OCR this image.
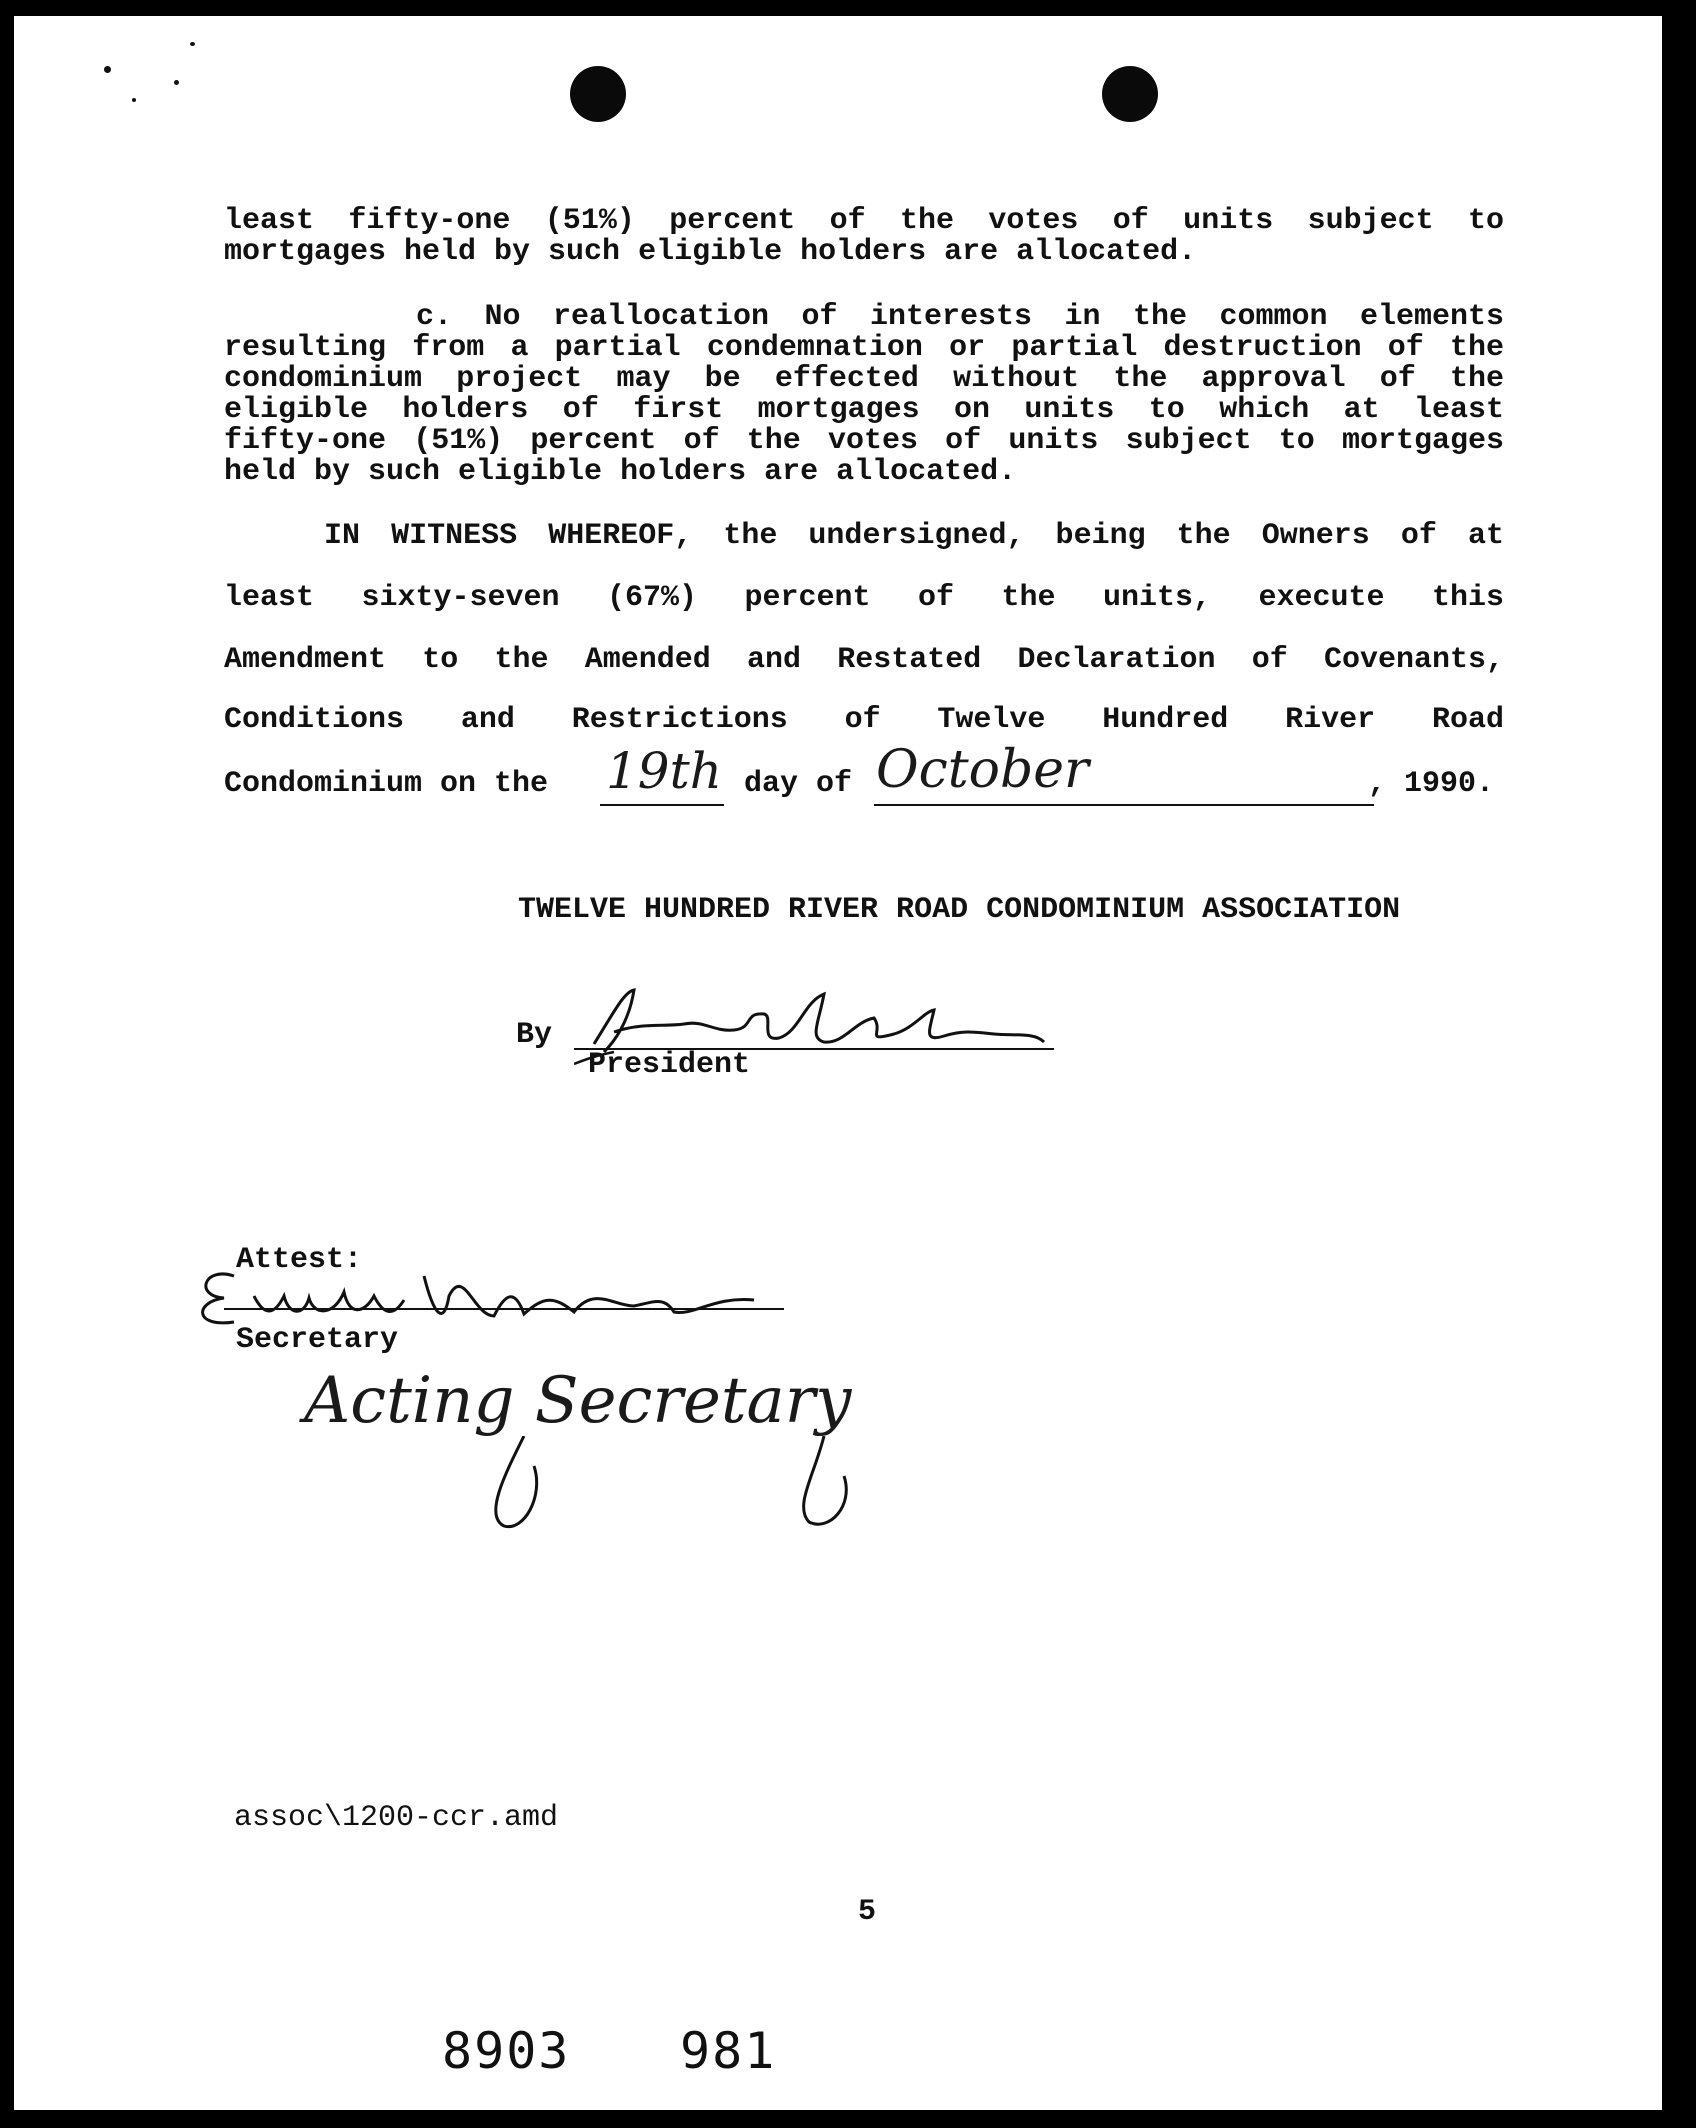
least fifty-one (51%) percent of the votes of units subject to
mortgages held by such eligible holders are allocated.
c. No reallocation of interests in the common elements
resulting from a partial condemnation or partial destruction of the
condominium project may be effected without the approval of the
eligible holders of first mortgages on units to which at least
fifty-one (51%) percent of the votes of units subject to mortgages
held by such eligible holders are allocated.
IN WITNESS WHEREOF, the undersigned, being the Owners of at
least sixty-seven (67%) percent of the units, execute this
Amendment to the Amended and Restated Declaration of Covenants,
Conditions and Restrictions of Twelve Hundred River Road
Condominium on the 19th day of October	, 1990.
TWELVE HUNDRED RIVER ROAD CONDOMINIUM ASSOCIATION
By
President
Attest:
Secretary
Acting Secretary
assoc\1200-ccr.amd
5
8903 981
